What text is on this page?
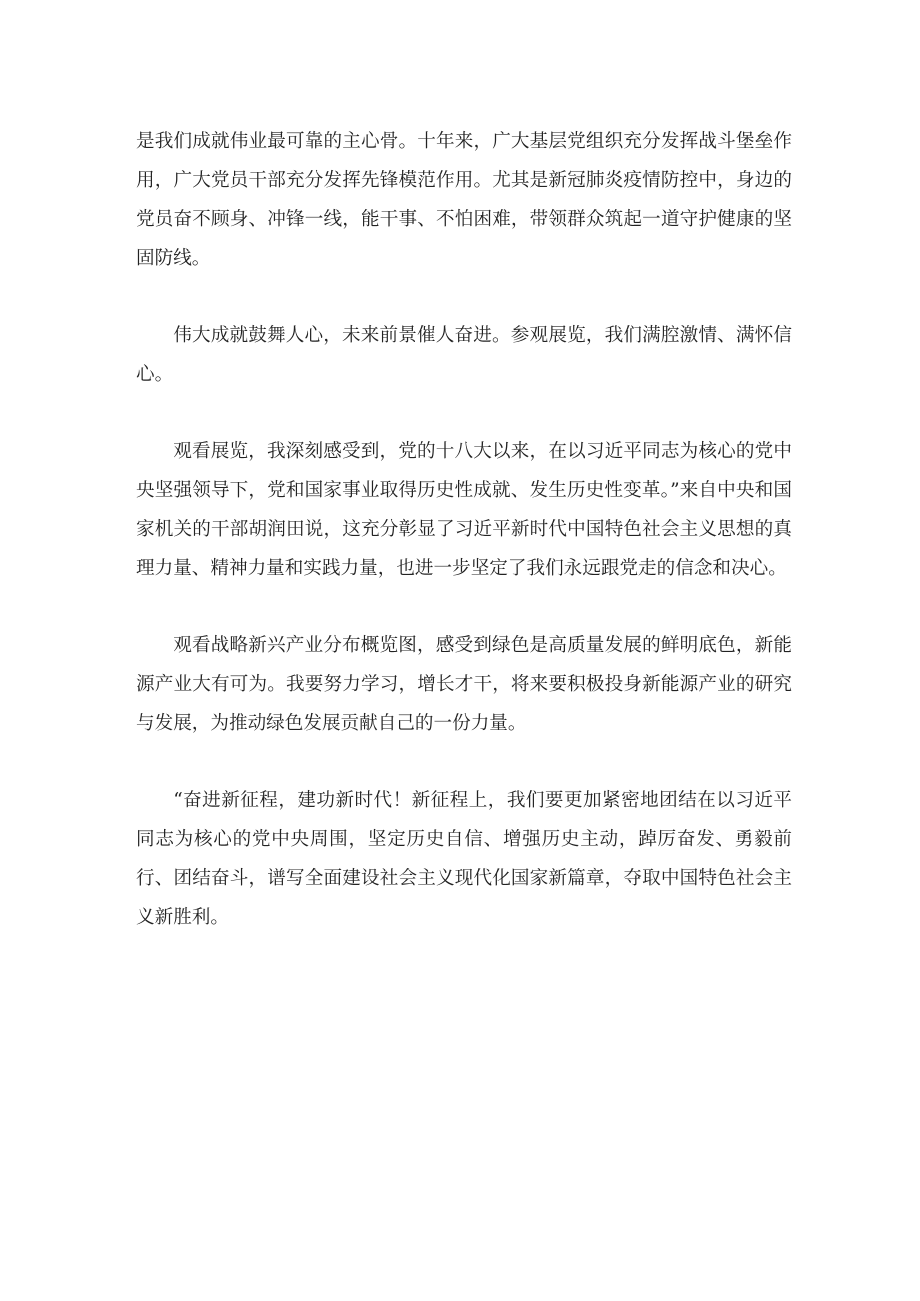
是我们成就伟业最可靠的主心骨。十年来，广大基层党组织充分发挥战斗堡垒作用，广大党员干部充分发挥先锋模范作用。尤其是新冠肺炎疫情防控中，身边的党员奋不顾身、冲锋一线，能干事、不怕困难，带领群众筑起一道守护健康的坚固防线。

伟大成就鼓舞人心，未来前景催人奋进。参观展览，我们满腔激情、满怀信心。

观看展览，我深刻感受到，党的十八大以来，在以习近平同志为核心的党中央坚强领导下，党和国家事业取得历史性成就、发生历史性变革。”来自中央和国家机关的干部胡润田说，这充分彰显了习近平新时代中国特色社会主义思想的真理力量、精神力量和实践力量，也进一步坚定了我们永远跟党走的信念和决心。

观看战略新兴产业分布概览图，感受到绿色是高质量发展的鲜明底色，新能源产业大有可为。我要努力学习，增长才干，将来要积极投身新能源产业的研究与发展，为推动绿色发展贡献自己的一份力量。

“奋进新征程，建功新时代！新征程上，我们要更加紧密地团结在以习近平同志为核心的党中央周围，坚定历史自信、增强历史主动，踔厉奋发、勇毅前行、团结奋斗，谱写全面建设社会主义现代化国家新篇章，夺取中国特色社会主义新胜利。
